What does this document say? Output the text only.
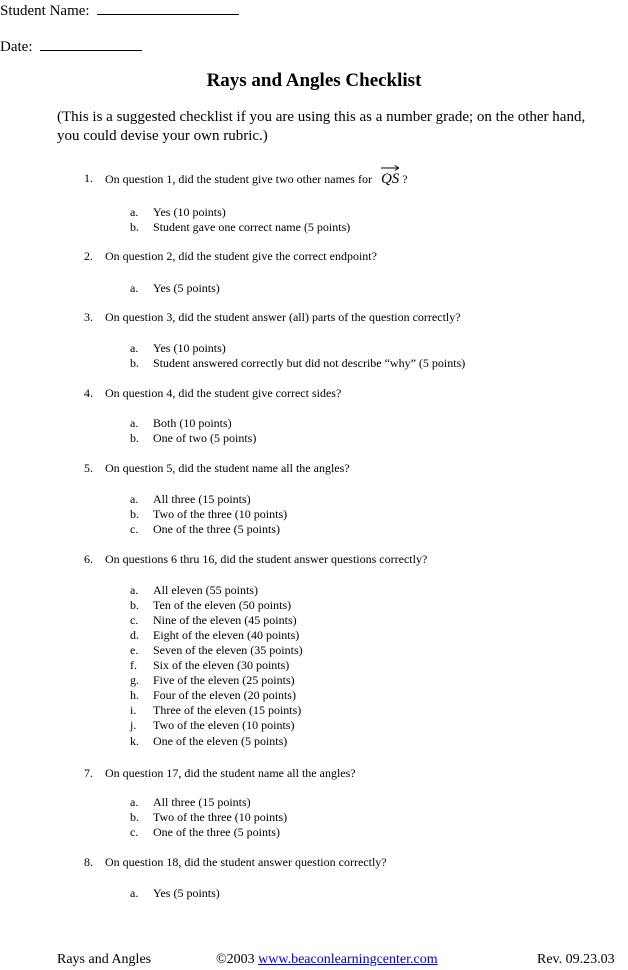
Student Name:
Date:
Rays and Angles Checklist
(This is a suggested checklist if you are using this as a number grade; on the other hand,
you could devise your own rubric.)
1. On question 1, did the student give two other names for QS ?
a. Yes (10 points)
b. Student gave one correct name (5 points)
2. On question 2, did the student give the correct endpoint?
a. Yes (5 points)
3. On question 3, did the student answer (all) parts of the question correctly?
a. Yes (10 points)
b. Student answered correctly but did not describe “why” (5 points)
4. On question 4, did the student give correct sides?
a. Both (10 points)
b. One of two (5 points)
5. On question 5, did the student name all the angles?
a. All three (15 points)
b. Two of the three (10 points)
c. One of the three (5 points)
6. On questions 6 thru 16, did the student answer questions correctly?
a. All eleven (55 points)
b. Ten of the eleven (50 points)
c. Nine of the eleven (45 points)
d. Eight of the eleven (40 points)
e. Seven of the eleven (35 points)
f. Six of the eleven (30 points)
g. Five of the eleven (25 points)
h. Four of the eleven (20 points)
i. Three of the eleven (15 points)
j. Two of the eleven (10 points)
k. One of the eleven (5 points)
7. On question 17, did the student name all the angles?
a. All three (15 points)
b. Two of the three (10 points)
c. One of the three (5 points)
8. On question 18, did the student answer question correctly?
a. Yes (5 points)
Rays and Angles	©2003 www.beaconlearningcenter.com	Rev. 09.23.03
